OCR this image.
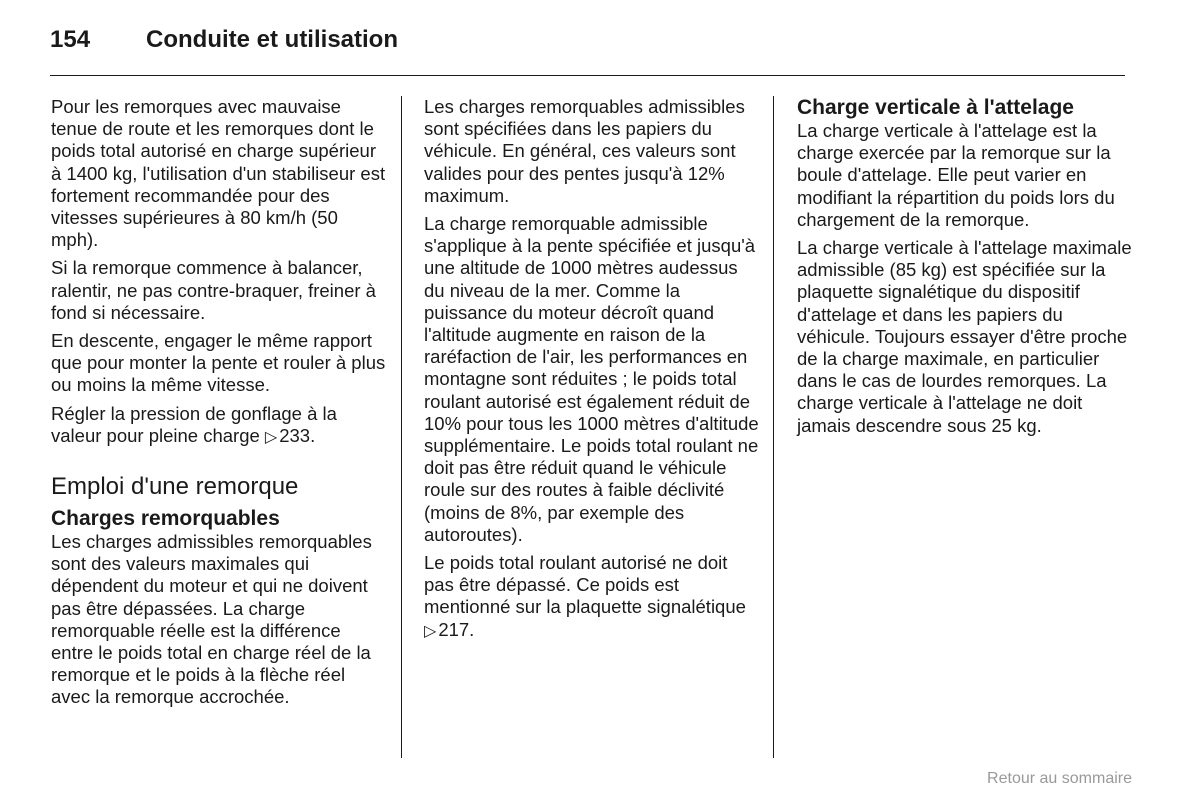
154 Conduite et utilisation

Pour les remorques avec mauvaise tenue de route et les remorques dont le poids total autorisé en charge supérieur à 1400 kg, l'utilisation d'un stabiliseur est fortement recommandée pour des vitesses supérieures à 80 km/h (50 mph).

Si la remorque commence à balancer, ralentir, ne pas contre-braquer, freiner à fond si nécessaire.

En descente, engager le même rapport que pour monter la pente et rouler à plus ou moins la même vitesse.

Régler la pression de gonflage à la valeur pour pleine charge ▷ 233.

Emploi d'une remorque
Charges remorquables

Les charges admissibles remorquables sont des valeurs maximales qui dépendent du moteur et qui ne doivent pas être dépassées. La charge remorquable réelle est la différence entre le poids total en charge réel de la remorque et le poids à la flèche réel avec la remorque accrochée.

Les charges remorquables admissibles sont spécifiées dans les papiers du véhicule. En général, ces valeurs sont valides pour des pentes jusqu'à 12% maximum.

La charge remorquable admissible s'applique à la pente spécifiée et jusqu'à une altitude de 1000 mètres audessus du niveau de la mer. Comme la puissance du moteur décroît quand l'altitude augmente en raison de la raréfaction de l'air, les performances en montagne sont réduites ; le poids total roulant autorisé est également réduit de 10% pour tous les 1000 mètres d'altitude supplémentaire. Le poids total roulant ne doit pas être réduit quand le véhicule roule sur des routes à faible déclivité (moins de 8%, par exemple des autoroutes).

Le poids total roulant autorisé ne doit pas être dépassé. Ce poids est mentionné sur la plaquette signalétique ▷ 217.

Charge verticale à l'attelage

La charge verticale à l'attelage est la charge exercée par la remorque sur la boule d'attelage. Elle peut varier en modifiant la répartition du poids lors du chargement de la remorque.

La charge verticale à l'attelage maximale admissible (85 kg) est spécifiée sur la plaquette signalétique du dispositif d'attelage et dans les papiers du véhicule. Toujours essayer d'être proche de la charge maximale, en particulier dans le cas de lourdes remorques. La charge verticale à l'attelage ne doit jamais descendre sous 25 kg.

Retour au sommaire
